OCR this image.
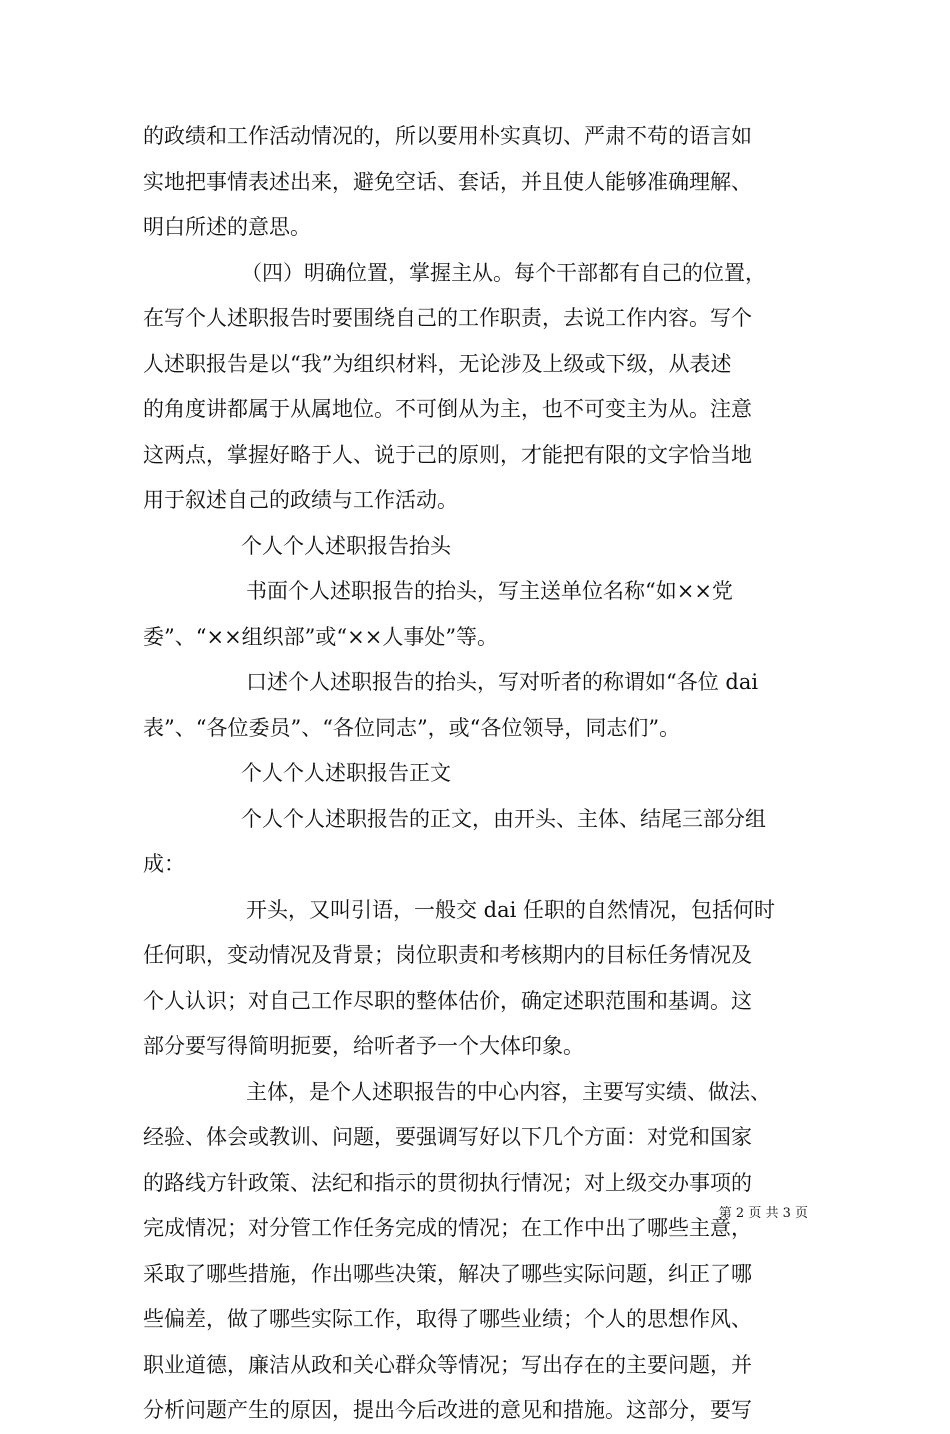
的政绩和工作活动情况的，所以要用朴实真切、严肃不苟的语言如
实地把事情表述出来，避免空话、套话，并且使人能够准确理解、
明白所述的意思。
（四）明确位置，掌握主从。每个干部都有自己的位置，
在写个人述职报告时要围绕自己的工作职责，去说工作内容。写个
人述职报告是以“我”为组织材料，无论涉及上级或下级，从表述
的角度讲都属于从属地位。不可倒从为主，也不可变主为从。注意
这两点，掌握好略于人、说于己的原则，才能把有限的文字恰当地
用于叙述自己的政绩与工作活动。
个人个人述职报告抬头
书面个人述职报告的抬头，写主送单位名称“如××党
委”、“××组织部”或“××人事处”等。
口述个人述职报告的抬头，写对听者的称谓如“各位 dai
表”、“各位委员”、“各位同志”，或“各位领导，同志们”。
个人个人述职报告正文
个人个人述职报告的正文，由开头、主体、结尾三部分组
成：
开头，又叫引语，一般交 dai 任职的自然情况，包括何时
任何职，变动情况及背景；岗位职责和考核期内的目标任务情况及
个人认识；对自己工作尽职的整体估价，确定述职范围和基调。这
部分要写得简明扼要，给听者予一个大体印象。
主体，是个人述职报告的中心内容，主要写实绩、做法、
经验、体会或教训、问题，要强调写好以下几个方面：对党和国家
的路线方针政策、法纪和指示的贯彻执行情况；对上级交办事项的
完成情况；对分管工作任务完成的情况；在工作中出了哪些主意，
采取了哪些措施，作出哪些决策，解决了哪些实际问题，纠正了哪
些偏差，做了哪些实际工作，取得了哪些业绩；个人的思想作风、
职业道德，廉洁从政和关心群众等情况；写出存在的主要问题，并
分析问题产生的原因，提出今后改进的意见和措施。这部分，要写
第 2 页 共 3 页
